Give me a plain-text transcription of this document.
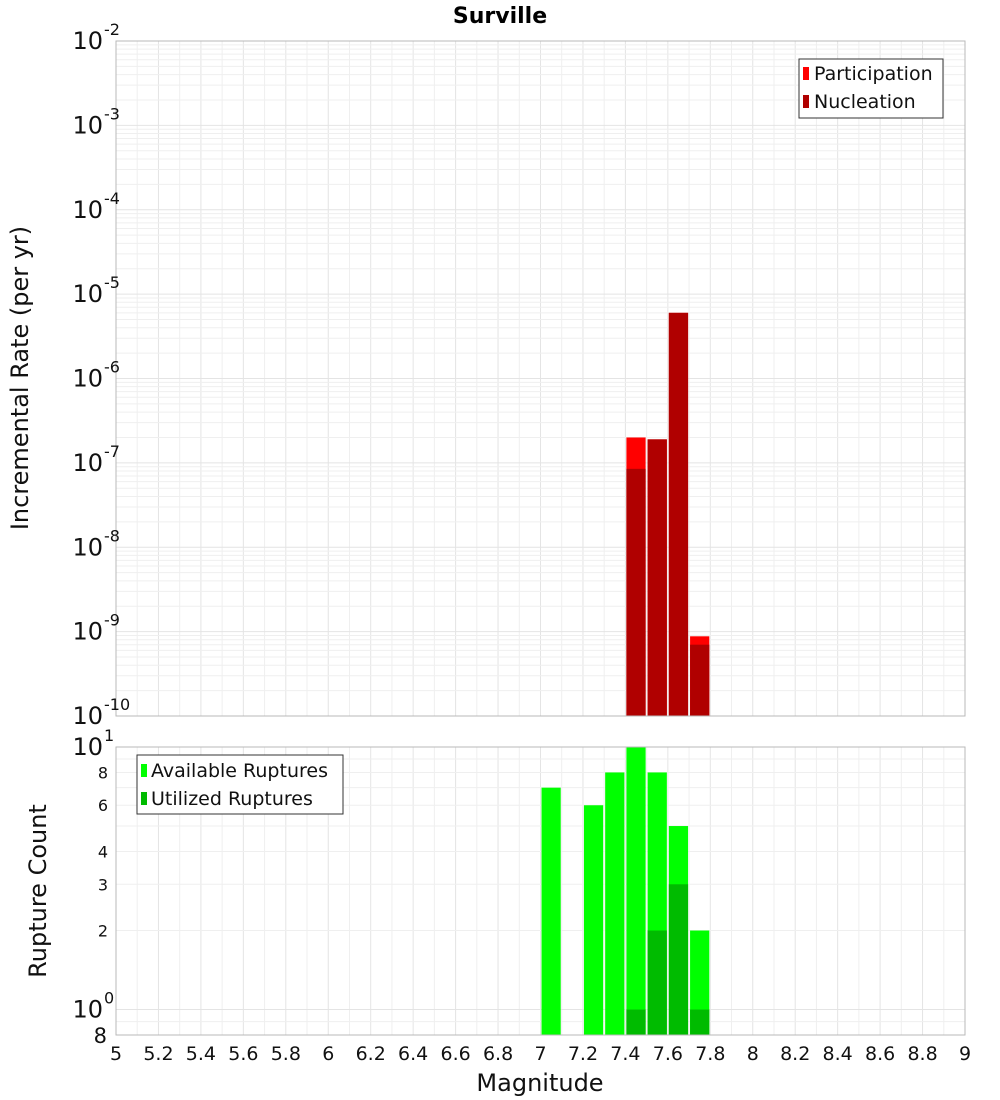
Surville
10 -10
10 -9
10 -8
10 -7
10 -6
10 -5
10 -4
10 -3
10 -2
8
10 0
2
3
4
6
8
10 1
5 5.2 5.4 5.6 5.8 6 6.2 6.4 6.6 6.8 7 7.2 7.4 7.6 7.8 8 8.2 8.4 8.6 8.8 9
Incremental Rate (per yr)
Rupture Count
Magnitude
Participation
Nucleation
Available Ruptures
Utilized Ruptures
